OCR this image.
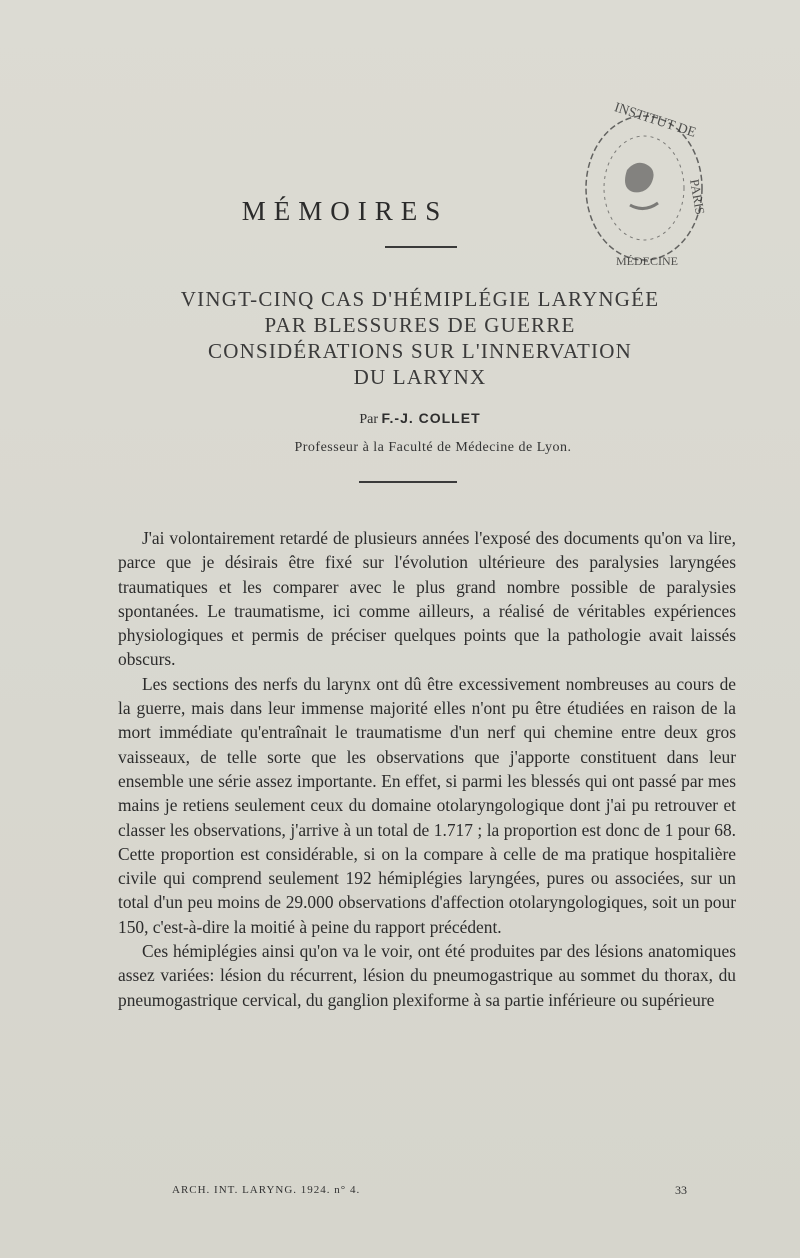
INSTITUT DE
PARIS
MÉDECINE
MÉMOIRES
VINGT-CINQ CAS D'HÉMIPLÉGIE LARYNGÉE
PAR BLESSURES DE GUERRE
CONSIDÉRATIONS SUR L'INNERVATION
DU LARYNX
Par F.-J. COLLET
Professeur à la Faculté de Médecine de Lyon.

J'ai volontairement retardé de plusieurs années l'exposé des documents qu'on va lire, parce que je désirais être fixé sur l'évolution ultérieure des paralysies laryngées traumatiques et les comparer avec le plus grand nombre possible de paralysies spontanées. Le traumatisme, ici comme ailleurs, a réalisé de véritables expériences physiologiques et permis de préciser quelques points que la pathologie avait laissés obscurs.

Les sections des nerfs du larynx ont dû être excessivement nombreuses au cours de la guerre, mais dans leur immense majorité elles n'ont pu être étudiées en raison de la mort immédiate qu'entraînait le traumatisme d'un nerf qui chemine entre deux gros vaisseaux, de telle sorte que les observations que j'apporte constituent dans leur ensemble une série assez importante. En effet, si parmi les blessés qui ont passé par mes mains je retiens seulement ceux du domaine otolaryngologique dont j'ai pu retrouver et classer les observations, j'arrive à un total de 1.717 ; la proportion est donc de 1 pour 68. Cette proportion est considérable, si on la compare à celle de ma pratique hospitalière civile qui comprend seulement 192 hémiplégies laryngées, pures ou associées, sur un total d'un peu moins de 29.000 observations d'affection otolaryngologiques, soit un pour 150, c'est-à-dire la moitié à peine du rapport précédent.

Ces hémiplégies ainsi qu'on va le voir, ont été produites par des lésions anatomiques assez variées: lésion du récurrent, lésion du pneumogastrique au sommet du thorax, du pneumogastrique cervical, du ganglion plexiforme à sa partie inférieure ou supérieure

ARCH. INT. LARYNG. 1924. n° 4.	33
